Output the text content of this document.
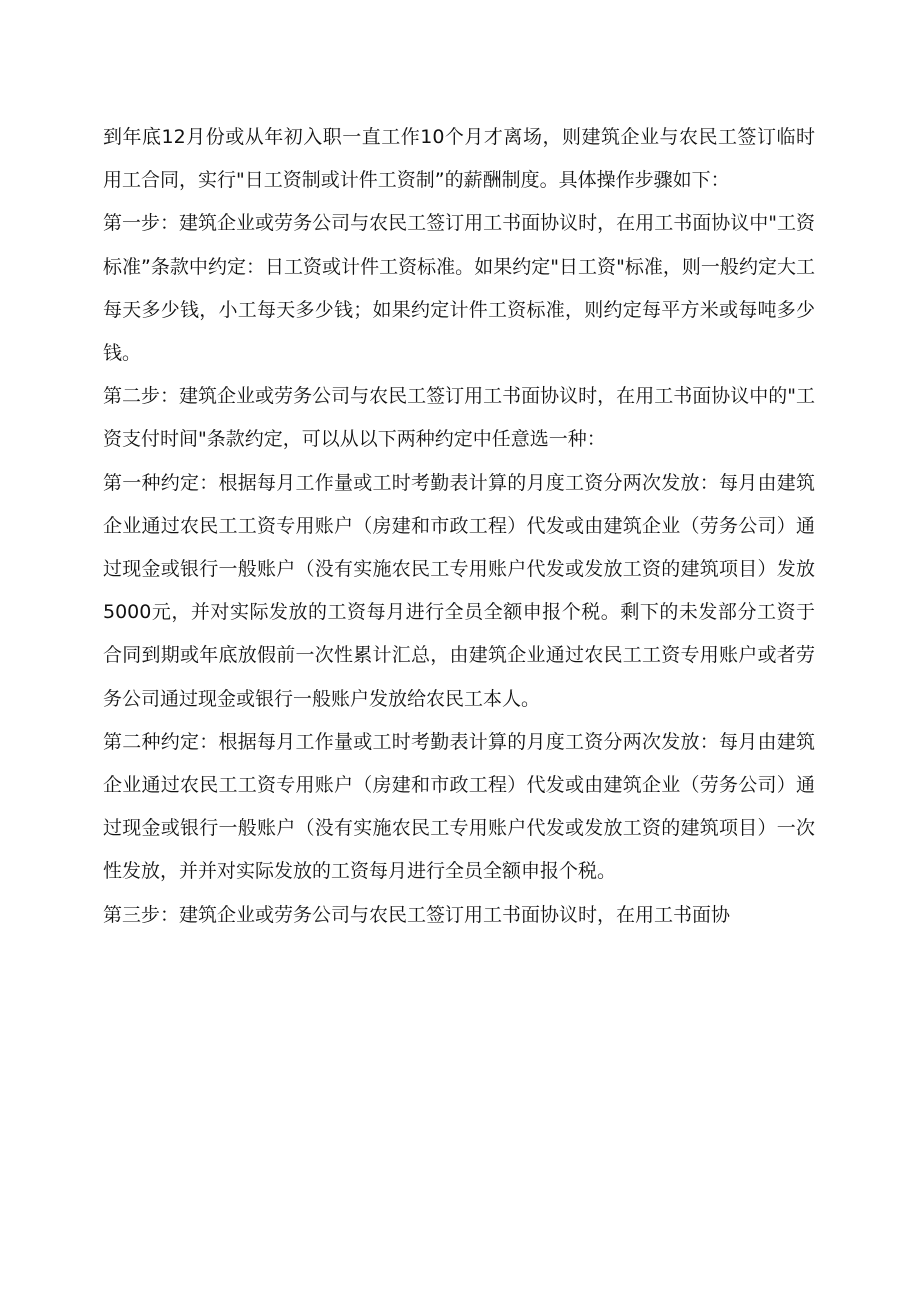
到年底12月份或从年初入职一直工作10个月才离场，则建筑企业与农民工签订临时用工合同，实行"日工资制或计件工资制”的薪酬制度。具体操作步骤如下：

第一步：建筑企业或劳务公司与农民工签订用工书面协议时，在用工书面协议中"工资标准”条款中约定：日工资或计件工资标准。如果约定"日工资"标准，则一般约定大工每天多少钱，小工每天多少钱；如果约定计件工资标准，则约定每平方米或每吨多少钱。

第二步：建筑企业或劳务公司与农民工签订用工书面协议时，在用工书面协议中的"工资支付时间"条款约定，可以从以下两种约定中任意选一种：

第一种约定：根据每月工作量或工时考勤表计算的月度工资分两次发放：每月由建筑企业通过农民工工资专用账户（房建和市政工程）代发或由建筑企业（劳务公司）通过现金或银行一般账户（没有实施农民工专用账户代发或发放工资的建筑项目）发放5000元，并对实际发放的工资每月进行全员全额申报个税。剩下的未发部分工资于合同到期或年底放假前一次性累计汇总，由建筑企业通过农民工工资专用账户或者劳务公司通过现金或银行一般账户发放给农民工本人。

第二种约定：根据每月工作量或工时考勤表计算的月度工资分两次发放：每月由建筑企业通过农民工工资专用账户（房建和市政工程）代发或由建筑企业（劳务公司）通过现金或银行一般账户（没有实施农民工专用账户代发或发放工资的建筑项目）一次性发放，并并对实际发放的工资每月进行全员全额申报个税。

第三步：建筑企业或劳务公司与农民工签订用工书面协议时，在用工书面协
